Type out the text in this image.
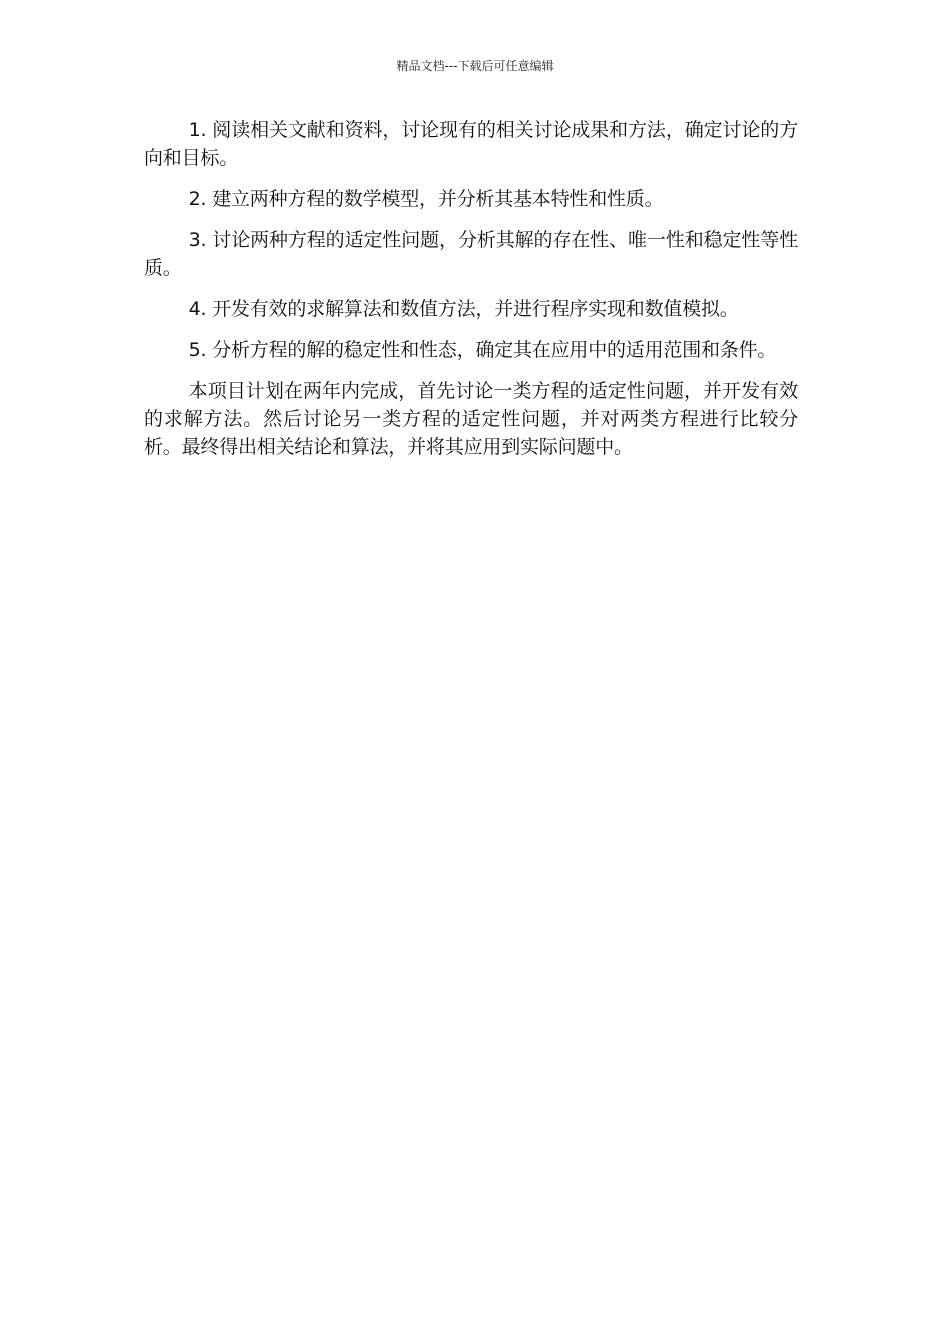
精品文档---下载后可任意编辑

1. 阅读相关文献和资料，讨论现有的相关讨论成果和方法，确定讨论的方向和目标。

2. 建立两种方程的数学模型，并分析其基本特性和性质。

3. 讨论两种方程的适定性问题，分析其解的存在性、唯一性和稳定性等性质。

4. 开发有效的求解算法和数值方法，并进行程序实现和数值模拟。

5. 分析方程的解的稳定性和性态，确定其在应用中的适用范围和条件。

本项目计划在两年内完成，首先讨论一类方程的适定性问题，并开发有效的求解方法。然后讨论另一类方程的适定性问题，并对两类方程进行比较分析。最终得出相关结论和算法，并将其应用到实际问题中。
